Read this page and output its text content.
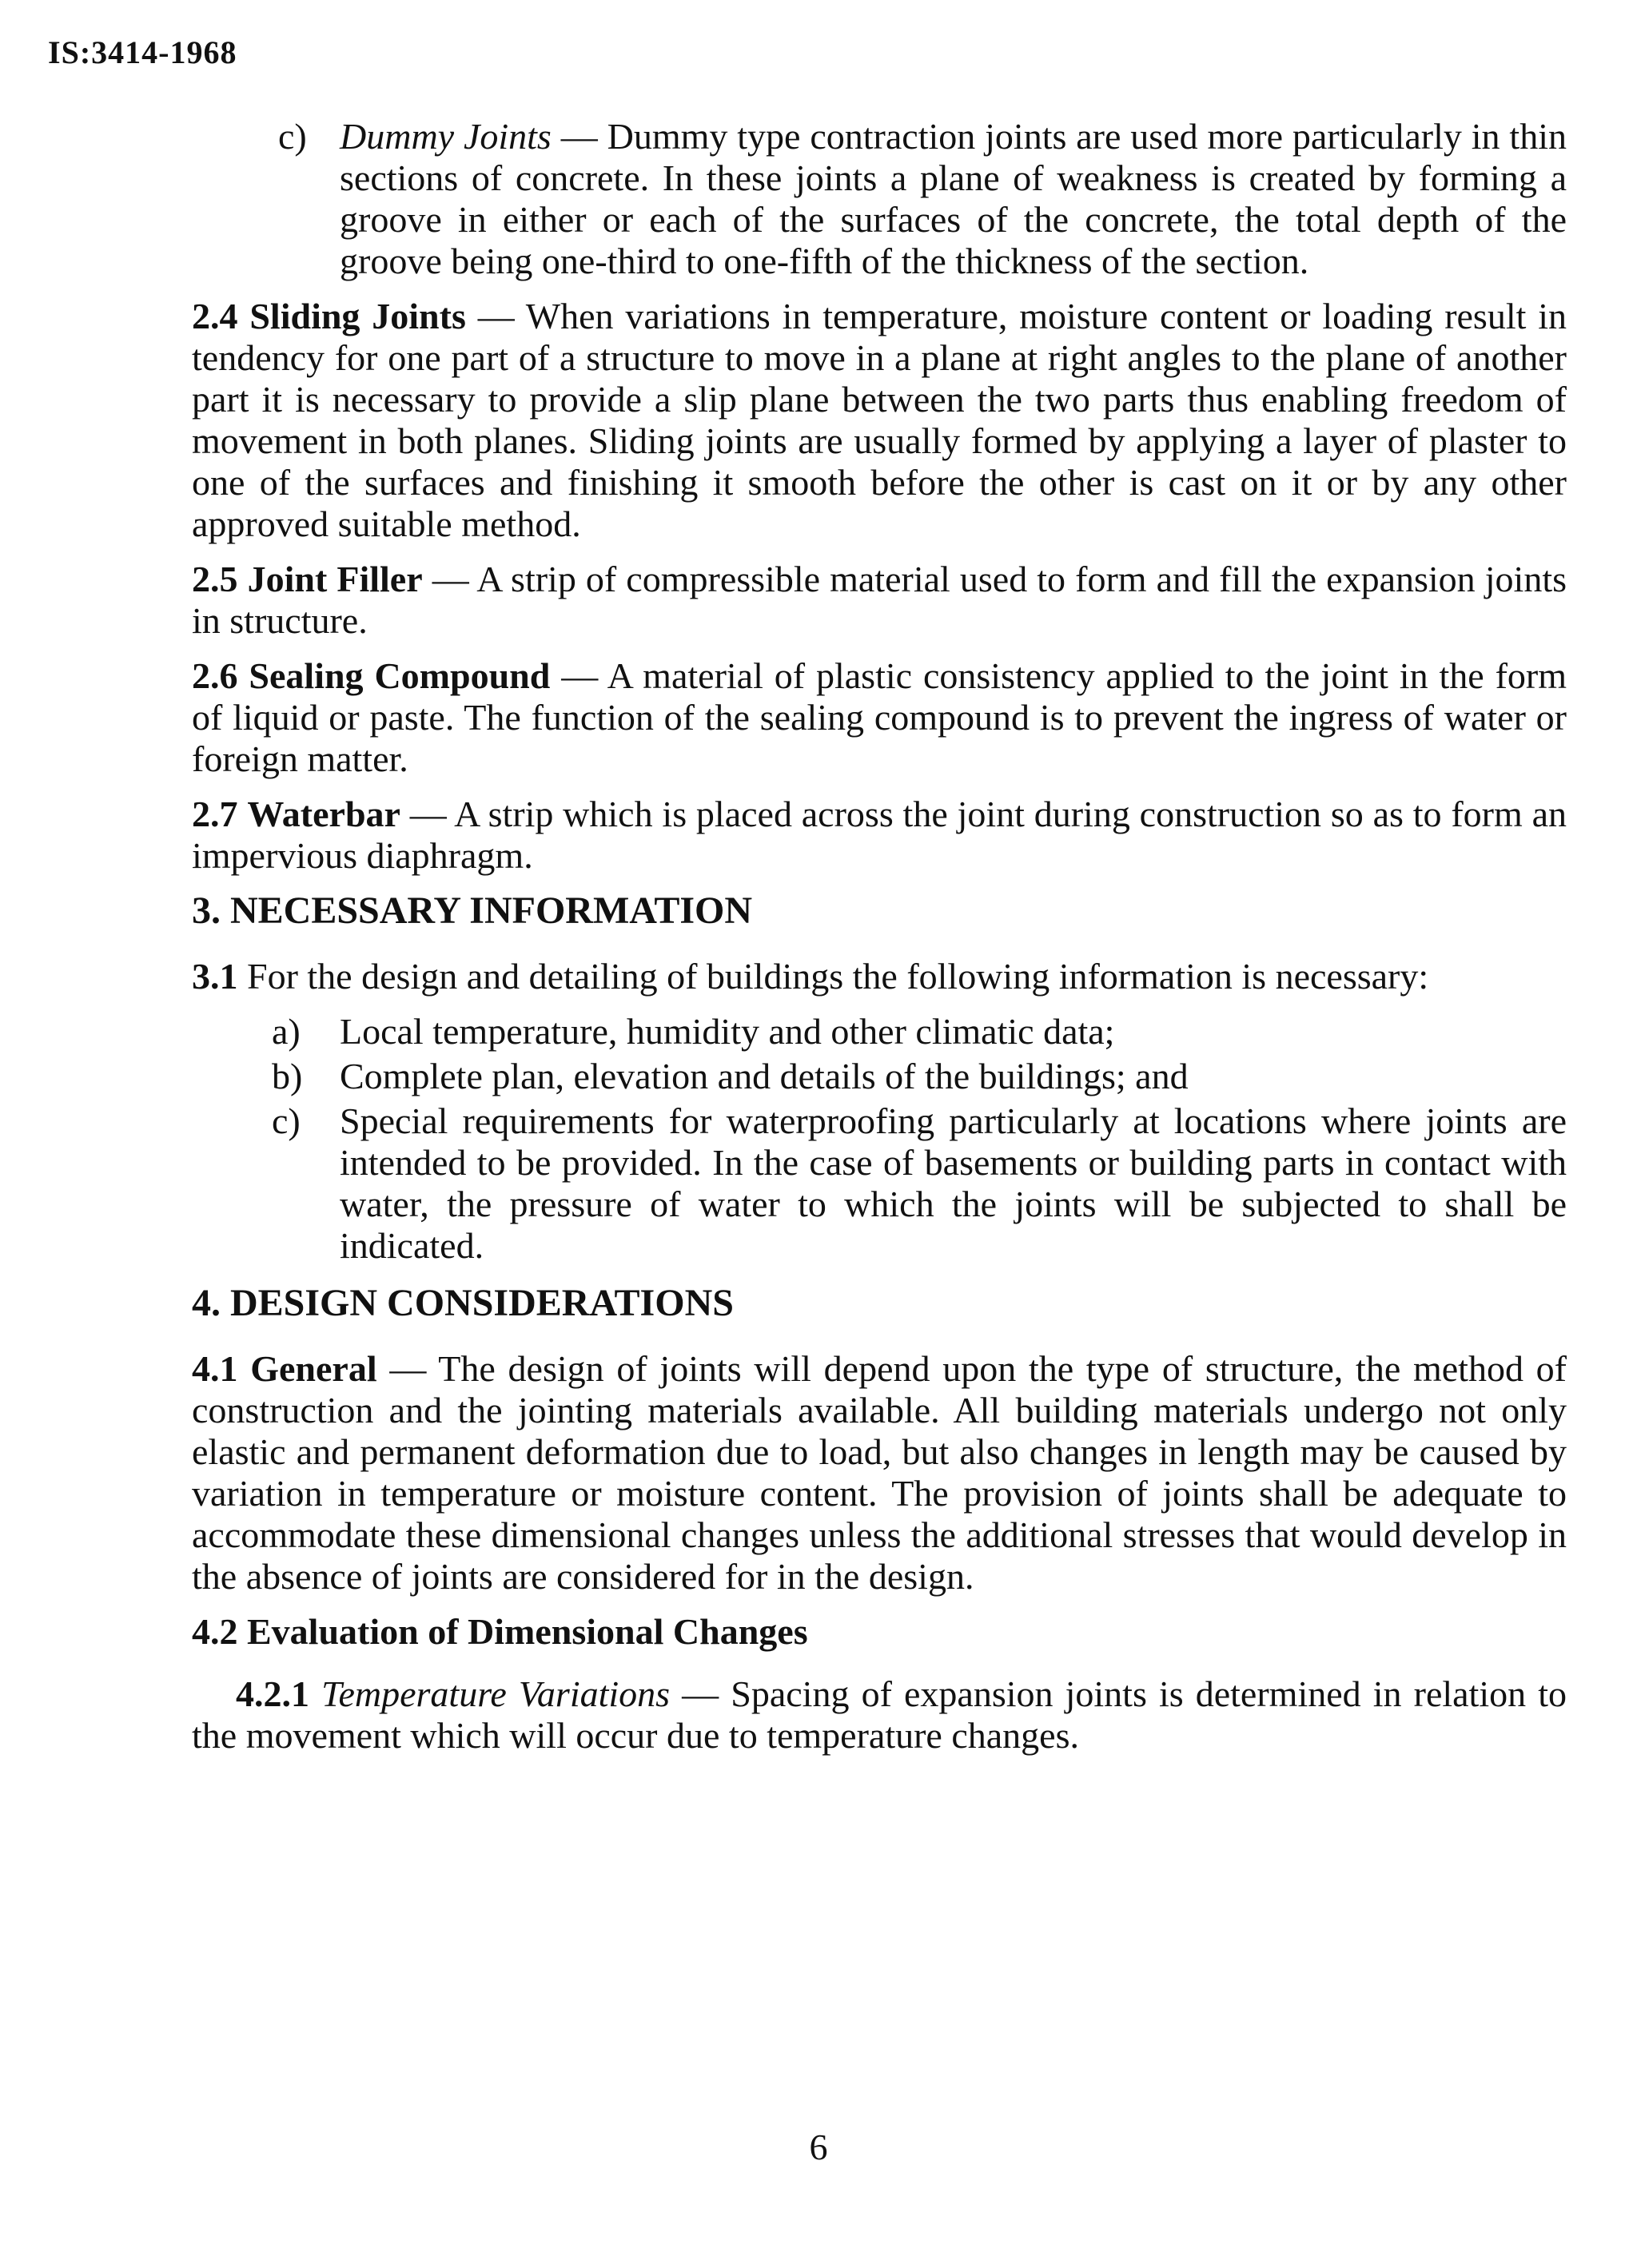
IS:3414-1968

c) Dummy Joints — Dummy type contraction joints are used more particularly in thin sections of concrete. In these joints a plane of weakness is created by forming a groove in either or each of the surfaces of the concrete, the total depth of the groove being one-third to one-fifth of the thickness of the section.

2.4 Sliding Joints — When variations in temperature, moisture content or loading result in tendency for one part of a structure to move in a plane at right angles to the plane of another part it is necessary to provide a slip plane between the two parts thus enabling freedom of movement in both planes. Sliding joints are usually formed by applying a layer of plaster to one of the surfaces and finishing it smooth before the other is cast on it or by any other approved suitable method.

2.5 Joint Filler — A strip of compressible material used to form and fill the expansion joints in structure.

2.6 Sealing Compound — A material of plastic consistency applied to the joint in the form of liquid or paste. The function of the sealing compound is to prevent the ingress of water or foreign matter.

2.7 Waterbar — A strip which is placed across the joint during construction so as to form an impervious diaphragm.

3. NECESSARY INFORMATION

3.1 For the design and detailing of buildings the following information is necessary:

a) Local temperature, humidity and other climatic data;

b) Complete plan, elevation and details of the buildings; and

c) Special requirements for waterproofing particularly at locations where joints are intended to be provided. In the case of basements or building parts in contact with water, the pressure of water to which the joints will be subjected to shall be indicated.

4. DESIGN CONSIDERATIONS

4.1 General — The design of joints will depend upon the type of structure, the method of construction and the jointing materials available. All building materials undergo not only elastic and permanent deformation due to load, but also changes in length may be caused by variation in temperature or moisture content. The provision of joints shall be adequate to accommodate these dimensional changes unless the additional stresses that would develop in the absence of joints are considered for in the design.

4.2 Evaluation of Dimensional Changes

4.2.1 Temperature Variations — Spacing of expansion joints is determined in relation to the movement which will occur due to temperature changes.

6
